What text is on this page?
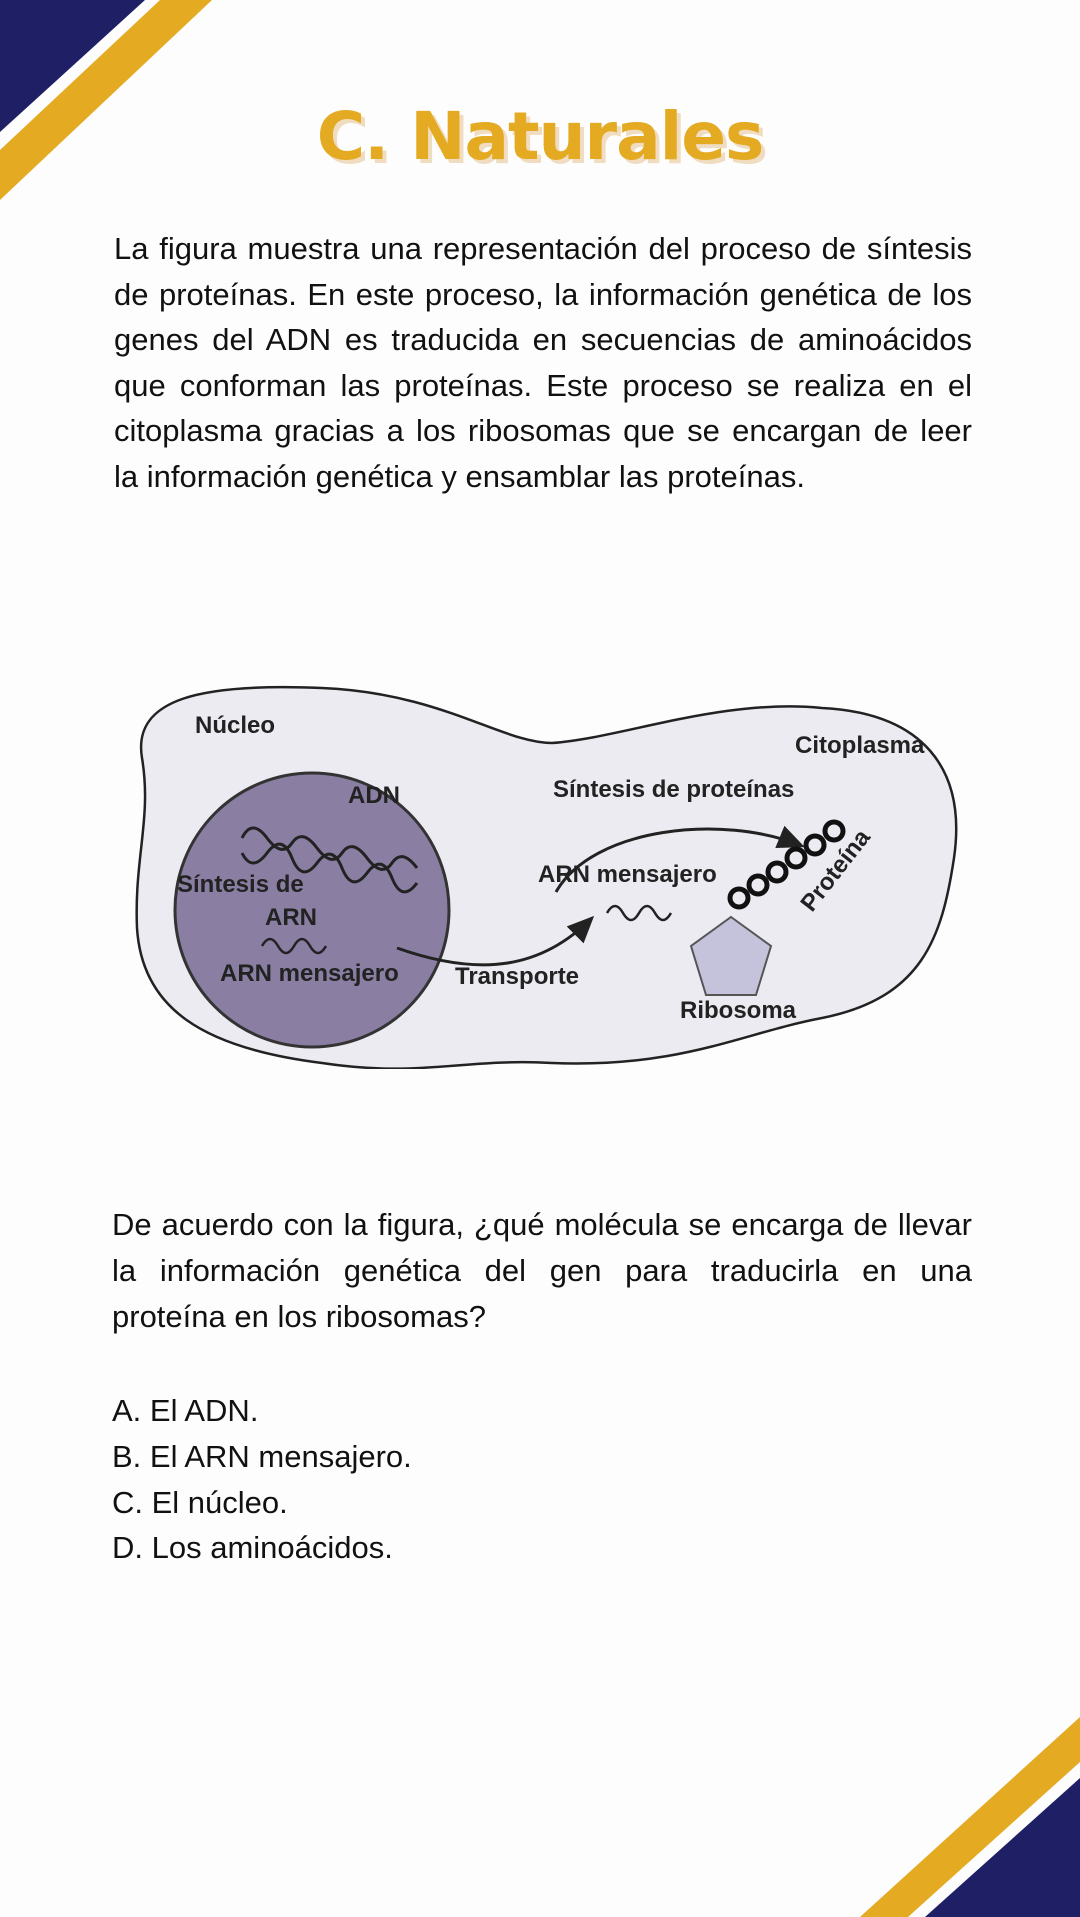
C. Naturales
La figura muestra una representación del proceso de síntesis de proteínas. En este proceso, la información genética de los genes del ADN es traducida en secuencias de aminoácidos que conforman las proteínas. Este proceso se realiza en el citoplasma gracias a los ribosomas que se encargan de leer la información genética y ensamblar las proteínas.
Núcleo
ADN
Síntesis de
ARN
ARN mensajero Transporte
Síntesis de proteínas
ARN mensajero
Citoplasma
Proteína
Ribosoma
De acuerdo con la figura, ¿qué molécula se encarga de llevar la información genética del gen para traducirla en una proteína en los ribosomas?
A. El ADN.
B. El ARN mensajero.
C. El núcleo.
D. Los aminoácidos.
